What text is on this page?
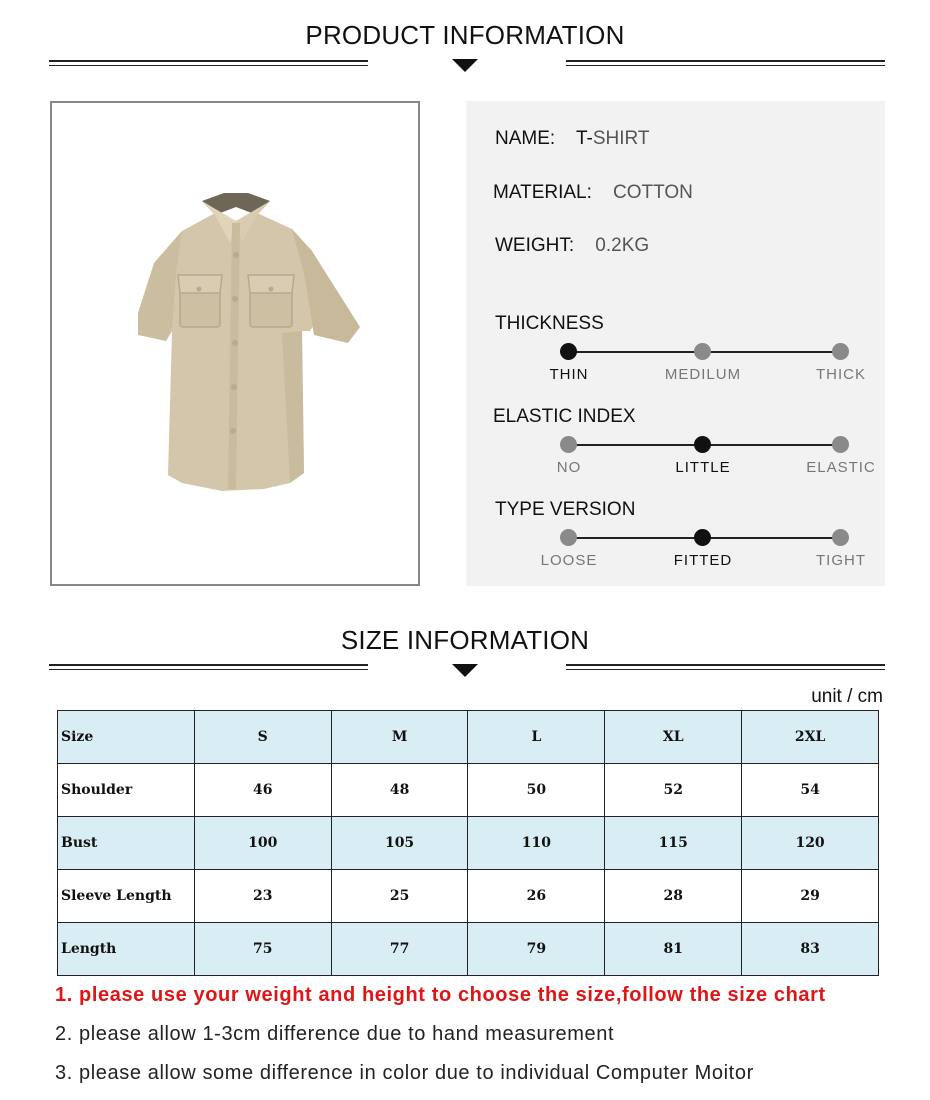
PRODUCT INFORMATION
NAME: T-SHIRT
MATERIAL: COTTON
WEIGHT: 0.2KG
THICKNESS
THIN	MEDILUM	THICK
ELASTIC INDEX
NO	LITTLE	ELASTIC
TYPE VERSION
LOOSE	FITTED	TIGHT
SIZE INFORMATION
unit / cm
Size	S	M	L	XL	2XL
Shoulder	46	48	50	52	54
Bust	100	105	110	115	120
Sleeve Length	23	25	26	28	29
Length	75	77	79	81	83
1. please use your weight and height to choose the size,follow the size chart
2. please allow 1-3cm difference due to hand measurement
3. please allow some difference in color due to individual Computer Moitor
